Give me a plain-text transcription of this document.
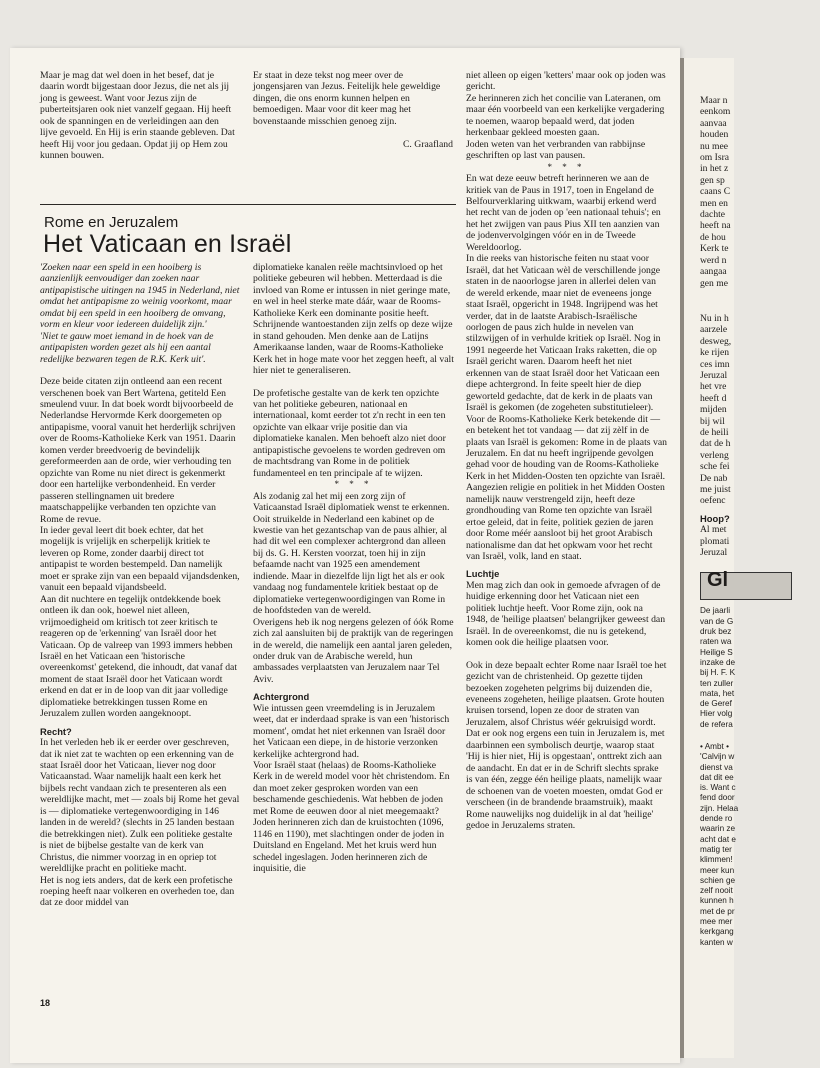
Maar je mag dat wel doen in het besef, dat je daarin wordt bijgestaan door Jezus, die net als jij jong is geweest. Want voor Jezus zijn de puberteitsjaren ook niet vanzelf gegaan. Hij heeft ook de spanningen en de verleidingen aan den lijve gevoeld. En Hij is erin staande gebleven. Dat heeft Hij voor jou gedaan. Opdat jij op Hem zou kunnen bouwen.

Er staat in deze tekst nog meer over de jongensjaren van Jezus. Feitelijk hele geweldige dingen, die ons enorm kunnen helpen en bemoedigen. Maar voor dit keer mag het bovenstaande misschien genoeg zijn.

C. Graafland

Rome en Jeruzalem
Het Vaticaan en Israël

'Zoeken naar een speld in een hooiberg is aanzienlijk eenvoudiger dan zoeken naar antipapistische uitingen na 1945 in Nederland, niet omdat het antipapisme zo weinig voorkomt, maar omdat bij een speld in een hooiberg de omvang, vorm en kleur voor iedereen duidelijk zijn.'

'Niet te gauw moet iemand in de hoek van de antipapisten worden gezet als hij een aantal redelijke bezwaren tegen de R.K. Kerk uit'.

Deze beide citaten zijn ontleend aan een recent verschenen boek van Bert Wartena, getiteld Een smeulend vuur. In dat boek wordt bijvoorbeeld de Nederlandse Hervormde Kerk doorgemeten op antipapisme, vooral vanuit het herderlijk schrijven over de Rooms-Katholieke Kerk van 1951. Daarin komen verder breedvoerig de bevindelijk gereformeerden aan de orde, wier verhouding ten opzichte van Rome nu niet direct is gekenmerkt door een hartelijke verbondenheid. En verder passeren stellingnamen uit bredere maatschappelijke verbanden ten opzichte van Rome de revue.

In ieder geval leert dit boek echter, dat het mogelijk is vrijelijk en scherpelijk kritiek te leveren op Rome, zonder daarbij direct tot antipapist te worden bestempeld. Dan namelijk moet er sprake zijn van een bepaald vijandsdenken, vanuit een bepaald vijandsbeeld.

Aan dit nuchtere en tegelijk ontdekkende boek ontleen ik dan ook, hoewel niet alleen, vrijmoedigheid om kritisch tot zeer kritisch te reageren op de 'erkenning' van Israël door het Vaticaan. Op de valreep van 1993 immers hebben Israël en het Vaticaan een 'historische overeenkomst' getekend, die inhoudt, dat vanaf dat moment de staat Israël door het Vaticaan wordt erkend en dat er in de loop van dit jaar volledige diplomatieke betrekkingen tussen Rome en Jeruzalem zullen worden aangeknoopt.

Recht?

In het verleden heb ik er eerder over geschreven, dat ik niet zat te wachten op een erkenning van de staat Israël door het Vaticaan, liever nog door Vaticaanstad. Waar namelijk haalt een kerk het bijbels recht vandaan zich te presenteren als een wereldlijke macht, met — zoals bij Rome het geval is — diplomatieke vertegenwoordiging in 146 landen in de wereld? (slechts in 25 landen bestaan die betrekkingen niet). Zulk een politieke gestalte is niet de bijbelse gestalte van de kerk van Christus, die nimmer voorzag in en opriep tot wereldlijke pracht en politieke macht.

Het is nog iets anders, dat de kerk een profetische roeping heeft naar volkeren en overheden toe, dan dat ze door middel van

diplomatieke kanalen reële machtsinvloed op het politieke gebeuren wil hebben. Metterdaad is die invloed van Rome er intussen in niet geringe mate, en wel in heel sterke mate dáár, waar de Rooms-Katholieke Kerk een dominante positie heeft. Schrijnende wantoestanden zijn zelfs op deze wijze in stand gehouden. Men denke aan de Latijns Amerikaanse landen, waar de Rooms-Katholieke Kerk het in hoge mate voor het zeggen heeft, al valt hier niet te generaliseren.

De profetische gestalte van de kerk ten opzichte van het politieke gebeuren, nationaal en internationaal, komt eerder tot z'n recht in een ten opzichte van elkaar vrije positie dan via diplomatieke kanalen. Men behoeft alzo niet door antipapistische gevoelens te worden gedreven om de machtsdrang van Rome in de politiek fundamenteel en ten principale af te wijzen.

* * *

Als zodanig zal het mij een zorg zijn of Vaticaanstad Israël diplomatiek wenst te erkennen. Ooit struikelde in Nederland een kabinet op de kwestie van het gezantschap van de paus alhier, al had dit wel een complexer achtergrond dan alleen bij ds. G. H. Kersten voorzat, toen hij in zijn befaamde nacht van 1925 een amendement indiende. Maar in diezelfde lijn ligt het als er ook vandaag nog fundamentele kritiek bestaat op de diplomatieke vertegenwoordigingen van Rome in de hoofdsteden van de wereld.

Overigens heb ik nog nergens gelezen of óók Rome zich zal aansluiten bij de praktijk van de regeringen in de wereld, die namelijk een aantal jaren geleden, onder druk van de Arabische wereld, hun ambassades verplaatsten van Jeruzalem naar Tel Aviv.

Achtergrond

Wie intussen geen vreemdeling is in Jeruzalem weet, dat er inderdaad sprake is van een 'historisch moment', omdat het niet erkennen van Israël door het Vaticaan een diepe, in de historie verzonken kerkelijke achtergrond had.

Voor Israël staat (helaas) de Rooms-Katholieke Kerk in de wereld model voor hèt christendom. En dan moet zeker gesproken worden van een beschamende geschiedenis. Wat hebben de joden met Rome de eeuwen door al niet meegemaakt?

Joden herinneren zich dan de kruistochten (1096, 1146 en 1190), met slachtingen onder de joden in Duitsland en Engeland. Met het kruis werd hun schedel ingeslagen. Joden herinneren zich de inquisitie, die

niet alleen op eigen 'ketters' maar ook op joden was gericht.

Ze herinneren zich het concilie van Lateranen, om maar één voorbeeld van een kerkelijke vergadering te noemen, waarop bepaald werd, dat joden herkenbaar gekleed moesten gaan.

Joden weten van het verbranden van rabbijnse geschriften op last van pausen.

* * *

En wat deze eeuw betreft herinneren we aan de kritiek van de Paus in 1917, toen in Engeland de Belfourverklaring uitkwam, waarbij erkend werd het recht van de joden op 'een nationaal tehuis'; en het het zwijgen van paus Pius XII ten aanzien van de jodenvervolgingen vóór en in de Tweede Wereldoorlog.

In die reeks van historische feiten nu staat voor Israël, dat het Vaticaan wèl de verschillende jonge staten in de naoorlogse jaren in allerlei delen van de wereld erkende, maar niet de eveneens jonge staat Israël, opgericht in 1948. Ingrijpend was het verder, dat in de laatste Arabisch-Israëlische oorlogen de paus zich hulde in nevelen van stilzwijgen of in verhulde kritiek op Israël. Nog in 1991 negeerde het Vaticaan Iraks raketten, die op Israël gericht waren. Daarom heeft het niet erkennen van de staat Israël door het Vaticaan een diepe achtergrond. In feite speelt hier de diep geworteld gedachte, dat de kerk in de plaats van Israël is gekomen (de zogeheten substitutieleer). Voor de Rooms-Katholieke Kerk betekende dit — en betekent het tot vandaag — dat zij zèlf in de plaats van Israël is gekomen: Rome in de plaats van Jeruzalem. En dat nu heeft ingrijpende gevolgen gehad voor de houding van de Rooms-Katholieke Kerk in het Midden-Oosten ten opzichte van Israël. Aangezien religie en politiek in het Midden Oosten namelijk nauw verstrengeld zijn, heeft deze grondhouding van Rome ten opzichte van Israël ertoe geleid, dat in feite, politiek gezien de jaren door Rome méér aansloot bij het groot Arabisch nationalisme dan dat het opkwam voor het recht van Israël, volk, land en staat.

Luchtje

Men mag zich dan ook in gemoede afvragen of de huidige erkenning door het Vaticaan niet een politiek luchtje heeft. Voor Rome zijn, ook na 1948, de 'heilige plaatsen' belangrijker geweest dan Israël. In de overeenkomst, die nu is getekend, komen ook die heilige plaatsen voor.

Ook in deze bepaalt echter Rome naar Israël toe het gezicht van de christenheid. Op gezette tijden bezoeken zogeheten pelgrims bij duizenden die, eveneens zogeheten, heilige plaatsen. Grote houten kruisen torsend, lopen ze door de straten van Jeruzalem, alsof Christus wéér gekruisigd wordt. Dat er ook nog ergens een tuin in Jeruzalem is, met daarbinnen een symbolisch deurtje, waarop staat 'Hij is hier niet, Hij is opgestaan', onttrekt zich aan de aandacht. En dat er in de Schrift slechts sprake is van één, zegge één heilige plaats, namelijk waar de schoenen van de voeten moesten, omdat God er verscheen (in de brandende braamstruik), maakt Rome nauwelijks nog duidelijk in al dat 'heilige' gedoe in Jeruzalems straten.

18
Maar n
eenkom
aanvaa
houden
nu mee
om Isra
in het z
gen sp
caans C
men en
dachte
heeft na
de hou
Kerk te
werd n
aangaa
gen me
Nu in h
aarzele
desweg,
ke rijen
ces imn
Jeruzal
het vre
heeft d
mijden
bij wil
de heili
dat de h
verleng
sche fei
De nab
me juist
oefenc
Hoop?
Al met
plomati
Jeruzal
Gl
De jaarli
van de G
druk bez
raten wa
Heilige S
inzake de
bij H. F. K
ten zuller
mata, het
de Geref
Hier volg
de refera
• Ambt •
'Calvijn w
dienst va
dat dit ee
is. Want c
fend door
zijn. Helaa
dende ro
waarin ze
acht dat e
matig ter
klimmen!
meer kun
schien ge
zelf nooit
kunnen h
met de pr
mee mer
kerkgang
kanten w
